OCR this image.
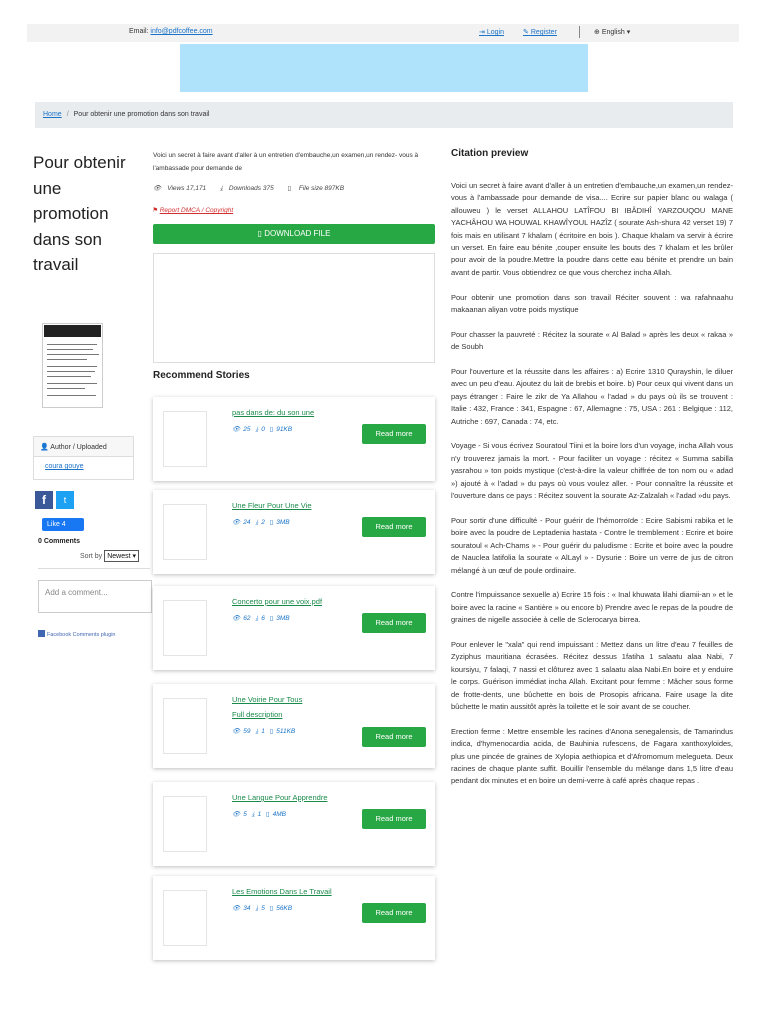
Email: info@pdfcoffee.com	⇥ Login	✎ Register	⊕ English ▾
Home / Pour obtenir une promotion dans son travail
Pour obtenir une promotion dans son travail
👤 Author / Uploaded
coura gouye
f	t
Like 4
0 Comments
Sort by Newest ▾
Add a comment...
Facebook Comments plugin

Voici un secret à faire avant d'aller à un entretien d'embauche,un examen,un rendez- vous à l'ambassade pour demande de

👁 Views 17,171 ⤓ Downloads 375 ▯ File size 897KB
⚑ Report DMCA / Copyright
▯ DOWNLOAD FILE
Recommend Stories
pas dans de: du son une
👁 25 ⤓ 0 ▯ 91KB	Read more
Une Fleur Pour Une Vie
👁 24 ⤓ 2 ▯ 3MB	Read more
Concerto pour une voix.pdf
👁 62 ⤓ 6 ▯ 3MB	Read more
Une Voirie Pour Tous
Full description
👁 59 ⤓ 1 ▯ 511KB
Read more
Une Langue Pour Apprendre
👁 5 ⤓ 1 ▯ 4MB	Read more
Les Emotions Dans Le Travail
👁 34 ⤓ 5 ▯ 56KB	Read more
Citation preview

Voici un secret à faire avant d'aller à un entretien d'embauche,un examen,un rendez- vous à l'ambassade pour demande de visa.... Ecrire sur papier blanc ou walaga ( allouweu ) le verset ALLAHOU LATÎFOU BI IBÂDIHÎ YARZOUQOU MANE YACHÂHOU WA HOUWAL KHAWÎYOUL HAZÎZ ( sourate Ash-shura 42 verset 19) 7 fois mais en utilisant 7 khalam ( écritoire en bois ). Chaque khalam va servir à écrire un verset. En faire eau bénite ,couper ensuite les bouts des 7 khalam et les brûler pour avoir de la poudre.Mettre la poudre dans cette eau bénite et prendre un bain avant de partir. Vous obtiendrez ce que vous cherchez incha Allah.

Pour obtenir une promotion dans son travail Réciter souvent : wa rafahnaahu makaanan aliyan votre poids mystique

Pour chasser la pauvreté : Récitez la sourate « Al Balad » après les deux « rakaa » de Soubh

Pour l'ouverture et la réussite dans les affaires : a) Ecrire 1310 Qurayshin, le diluer avec un peu d'eau. Ajoutez du lait de brebis et boire. b) Pour ceux qui vivent dans un pays étranger : Faire le zikr de Ya Allahou « l'adad » du pays où ils se trouvent : Italie : 432, France : 341, Espagne : 67, Allemagne : 75, USA : 261 : Belgique : 112, Autriche : 697, Canada : 74, etc.

Voyage - Si vous écrivez Souratoul Tiini et la boire lors d'un voyage, incha Allah vous n'y trouverez jamais la mort. - Pour faciliter un voyage : récitez « Summa sabilla yasrahou » ton poids mystique (c'est-à-dire la valeur chiffrée de ton nom ou « adad ») ajouté à « l'adad » du pays où vous voulez aller. - Pour connaître la réussite et l'ouverture dans ce pays : Récitez souvent la sourate Az-Zalzalah « l'adad »du pays.

Pour sortir d'une difficulté - Pour guérir de l'hémorroïde : Ecire Sabismi rabika et le boire avec la poudre de Leptadenia hastata - Contre le tremblement : Ecrire et boire souratoul « Ach-Chams » - Pour guérir du paludisme : Ecrite et boire avec la poudre de Nauclea latifolia la sourate « AlLayl » - Dysurie : Boire un verre de jus de citron mélangé à un œuf de poule ordinaire.

Contre l'impuissance sexuelle a) Ecrire 15 fois : « Inal khuwata lilahi diamii-an » et le boire avec la racine « Santière » ou encore b) Prendre avec le repas de la poudre de graines de nigelle associée à celle de Sclerocarya birrea.

Pour enlever le "xala" qui rend impuissant : Mettez dans un litre d'eau 7 feuilles de Zyziphus mauritiana écrasées. Récitez dessus 1fatiha 1 salaatu alaa Nabi, 7 koursiyu, 7 falaqi, 7 nassi et clôturez avec 1 salaatu alaa Nabi.En boire et y enduire le corps. Guérison immédiat incha Allah. Excitant pour femme : Mâcher sous forme de frotte-dents, une bûchette en bois de Prosopis africana. Faire usage la dite bûchette le matin aussitôt après la toilette et le soir avant de se coucher.

Erection ferme : Mettre ensemble les racines d'Anona senegalensis, de Tamarindus indica, d'hymenocardia acida, de Bauhinia rufescens, de Fagara xanthoxyloides, plus une pincée de graines de Xylopia aethiopica et d'Afromomum melegueta. Deux racines de chaque plante suffit. Bouillir l'ensemble du mélange dans 1,5 litre d'eau pendant dix minutes et en boire un demi-verre à café après chaque repas .
